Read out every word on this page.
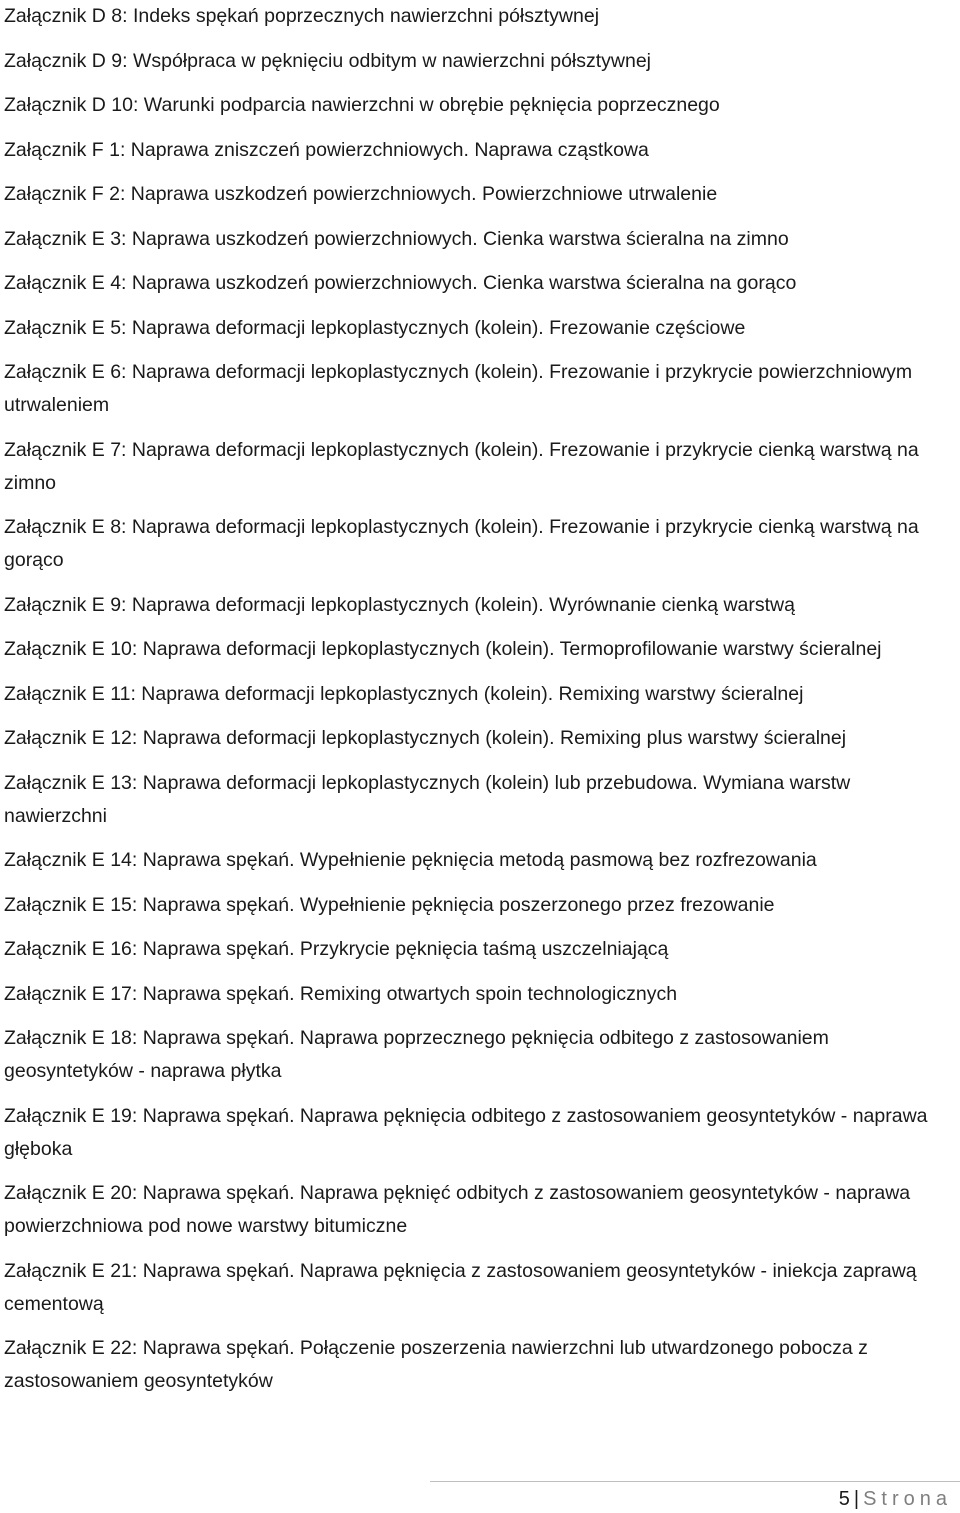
Załącznik D 8: Indeks spękań poprzecznych nawierzchni półsztywnej
Załącznik D 9: Współpraca w pęknięciu odbitym w nawierzchni półsztywnej
Załącznik D 10: Warunki podparcia nawierzchni w obrębie pęknięcia poprzecznego
Załącznik F 1: Naprawa zniszczeń powierzchniowych. Naprawa cząstkowa
Załącznik F 2: Naprawa uszkodzeń powierzchniowych. Powierzchniowe utrwalenie
Załącznik E 3: Naprawa uszkodzeń powierzchniowych. Cienka warstwa ścieralna na zimno
Załącznik E 4: Naprawa uszkodzeń powierzchniowych. Cienka warstwa ścieralna na gorąco
Załącznik E 5: Naprawa deformacji lepkoplastycznych (kolein). Frezowanie częściowe
Załącznik E 6: Naprawa deformacji lepkoplastycznych (kolein). Frezowanie i przykrycie powierzchniowym utrwaleniem
Załącznik E 7: Naprawa deformacji lepkoplastycznych (kolein). Frezowanie i przykrycie cienką warstwą na zimno
Załącznik E 8: Naprawa deformacji lepkoplastycznych (kolein). Frezowanie i przykrycie cienką warstwą na gorąco
Załącznik E 9: Naprawa deformacji lepkoplastycznych (kolein). Wyrównanie cienką warstwą
Załącznik E 10: Naprawa deformacji lepkoplastycznych (kolein). Termoprofilowanie warstwy ścieralnej
Załącznik E 11: Naprawa deformacji lepkoplastycznych (kolein). Remixing warstwy ścieralnej
Załącznik E 12: Naprawa deformacji lepkoplastycznych (kolein). Remixing plus warstwy ścieralnej
Załącznik E 13: Naprawa deformacji lepkoplastycznych (kolein) lub przebudowa. Wymiana warstw nawierzchni
Załącznik E 14: Naprawa spękań. Wypełnienie pęknięcia metodą pasmową bez rozfrezowania
Załącznik E 15: Naprawa spękań. Wypełnienie pęknięcia poszerzonego przez frezowanie
Załącznik E 16: Naprawa spękań. Przykrycie pęknięcia taśmą uszczelniającą
Załącznik E 17: Naprawa spękań. Remixing otwartych spoin technologicznych
Załącznik E 18: Naprawa spękań. Naprawa poprzecznego pęknięcia odbitego z zastosowaniem geosyntetyków - naprawa płytka
Załącznik E 19: Naprawa spękań. Naprawa pęknięcia odbitego z zastosowaniem geosyntetyków - naprawa głęboka
Załącznik E 20: Naprawa spękań. Naprawa pęknięć odbitych z zastosowaniem geosyntetyków - naprawa powierzchniowa pod nowe warstwy bitumiczne
Załącznik E 21: Naprawa spękań. Naprawa pęknięcia z zastosowaniem geosyntetyków - iniekcja zaprawą cementową
Załącznik E 22: Naprawa spękań. Połączenie poszerzenia nawierzchni lub utwardzonego pobocza z zastosowaniem geosyntetyków
5 | Strona
